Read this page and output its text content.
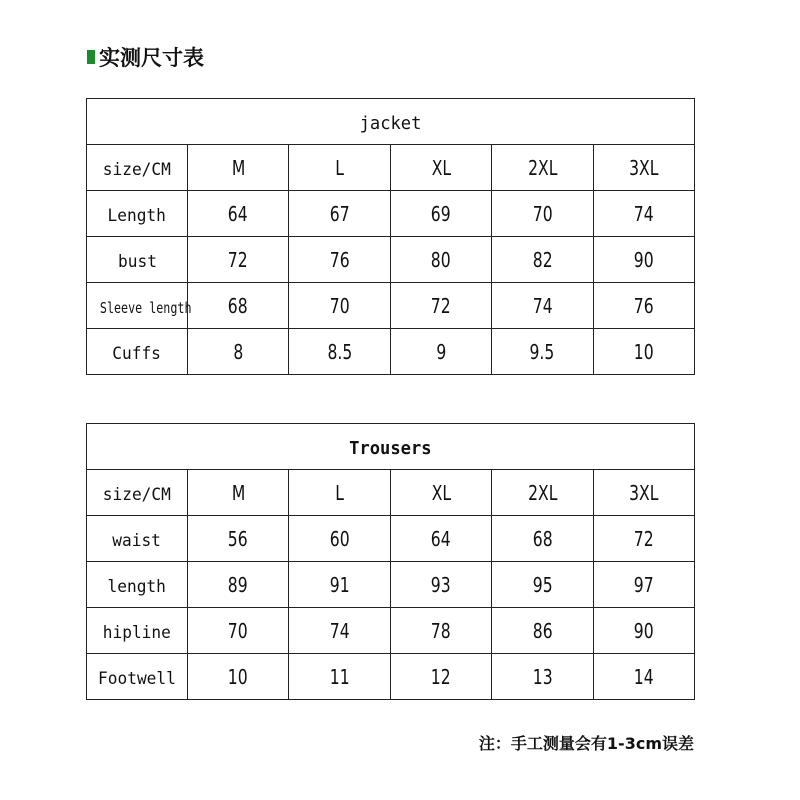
实测尺寸表
jacket					
size/CM	M	L	XL	2XL	3XL
Length	64	67	69	70	74
bust	72	76	80	82	90
Sleeve length	68	70	72	74	76
Cuffs	8	8.5	9	9.5	10
Trousers					
size/CM	M	L	XL	2XL	3XL
waist	56	60	64	68	72
length	89	91	93	95	97
hipline	70	74	78	86	90
Footwell	10	11	12	13	14
注：手工测量会有1-3cm误差
